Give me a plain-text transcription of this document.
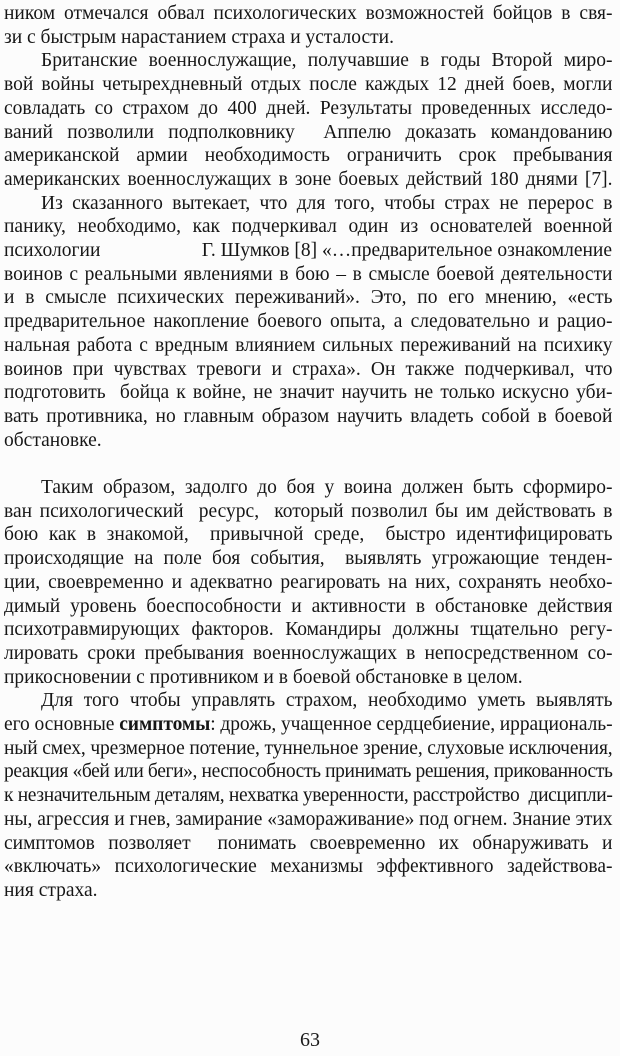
ником отмечался обвал психологических возможностей бойцов в свя-
зи с быстрым нарастанием страха и усталости.
Британские военнослужащие, получавшие в годы Второй миро-
вой войны четырехдневный отдых после каждых 12 дней боев, могли
совладать со страхом до 400 дней. Результаты проведенных исследо-
ваний позволили подполковнику  Аппелю доказать командованию
американской армии необходимость ограничить срок пребывания
американских военнослужащих в зоне боевых действий 180 днями [7].
Из сказанного вытекает, что для того, чтобы страх не перерос в
панику, необходимо, как подчеркивал один из основателей военной
психологии	Г. Шумков [8] «…предварительное ознакомление
воинов с реальными явлениями в бою – в смысле боевой деятельности
и в смысле психических переживаний». Это, по его мнению, «есть
предварительное накопление боевого опыта, а следовательно и рацио-
нальная работа с вредным влиянием сильных переживаний на психику
воинов при чувствах тревоги и страха». Он также подчеркивал, что
подготовить  бойца к войне, не значит научить не только искусно уби-
вать противника, но главным образом научить владеть собой в боевой
обстановке.
Таким образом, задолго до боя у воина должен быть сформиро-
ван психологический  ресурс,  который позволил бы им действовать в
бою как в знакомой,  привычной среде,  быстро идентифицировать
происходящие на поле боя события,  выявлять угрожающие тенден-
ции, своевременно и адекватно реагировать на них, сохранять необхо-
димый уровень боеспособности и активности в обстановке действия
психотравмирующих факторов. Командиры должны тщательно регу-
лировать сроки пребывания военнослужащих в непосредственном со-
прикосновении с противником и в боевой обстановке в целом.
Для того чтобы управлять страхом, необходимо уметь выявлять
его основные симптомы: дрожь, учащенное сердцебиение, иррациональ-
ный смех, чрезмерное потение, туннельное зрение, слуховые исключения,
реакция «бей или беги», неспособность принимать решения, прикованность
к незначительным деталям, нехватка уверенности, расстройство  дисципли-
ны, агрессия и гнев, замирание «замораживание» под огнем. Знание этих
симптомов позволяет  понимать своевременно их обнаруживать и
«включать» психологические механизмы эффективного задействова-
ния страха.
63
